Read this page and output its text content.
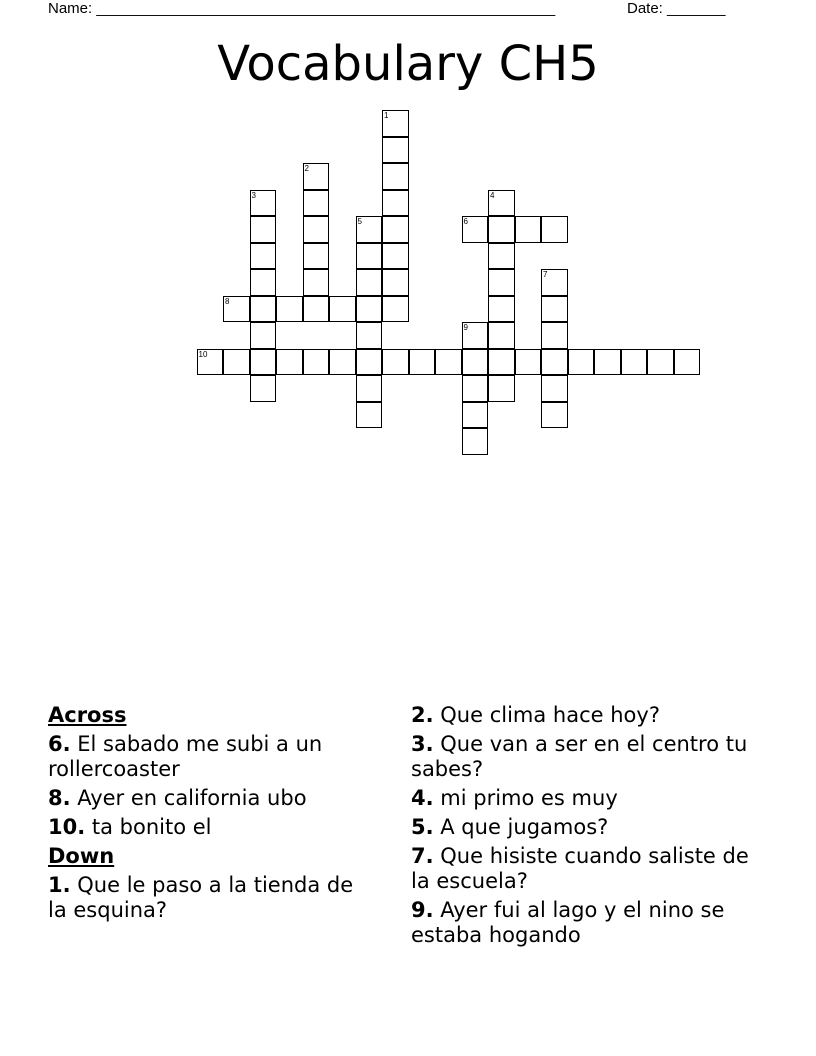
Name: _______________________________________________________	Date: _______
Vocabulary CH5
1
2
3	4
5	6
7
8
9
10
Across
6. El sabado me subi a un rollercoaster
8. Ayer en california ubo
10. ta bonito el
Down
1. Que le paso a la tienda de la esquina?
2. Que clima hace hoy?
3. Que van a ser en el centro tu sabes?
4. mi primo es muy
5. A que jugamos?
7. Que hisiste cuando saliste de la escuela?
9. Ayer fui al lago y el nino se estaba hogando
